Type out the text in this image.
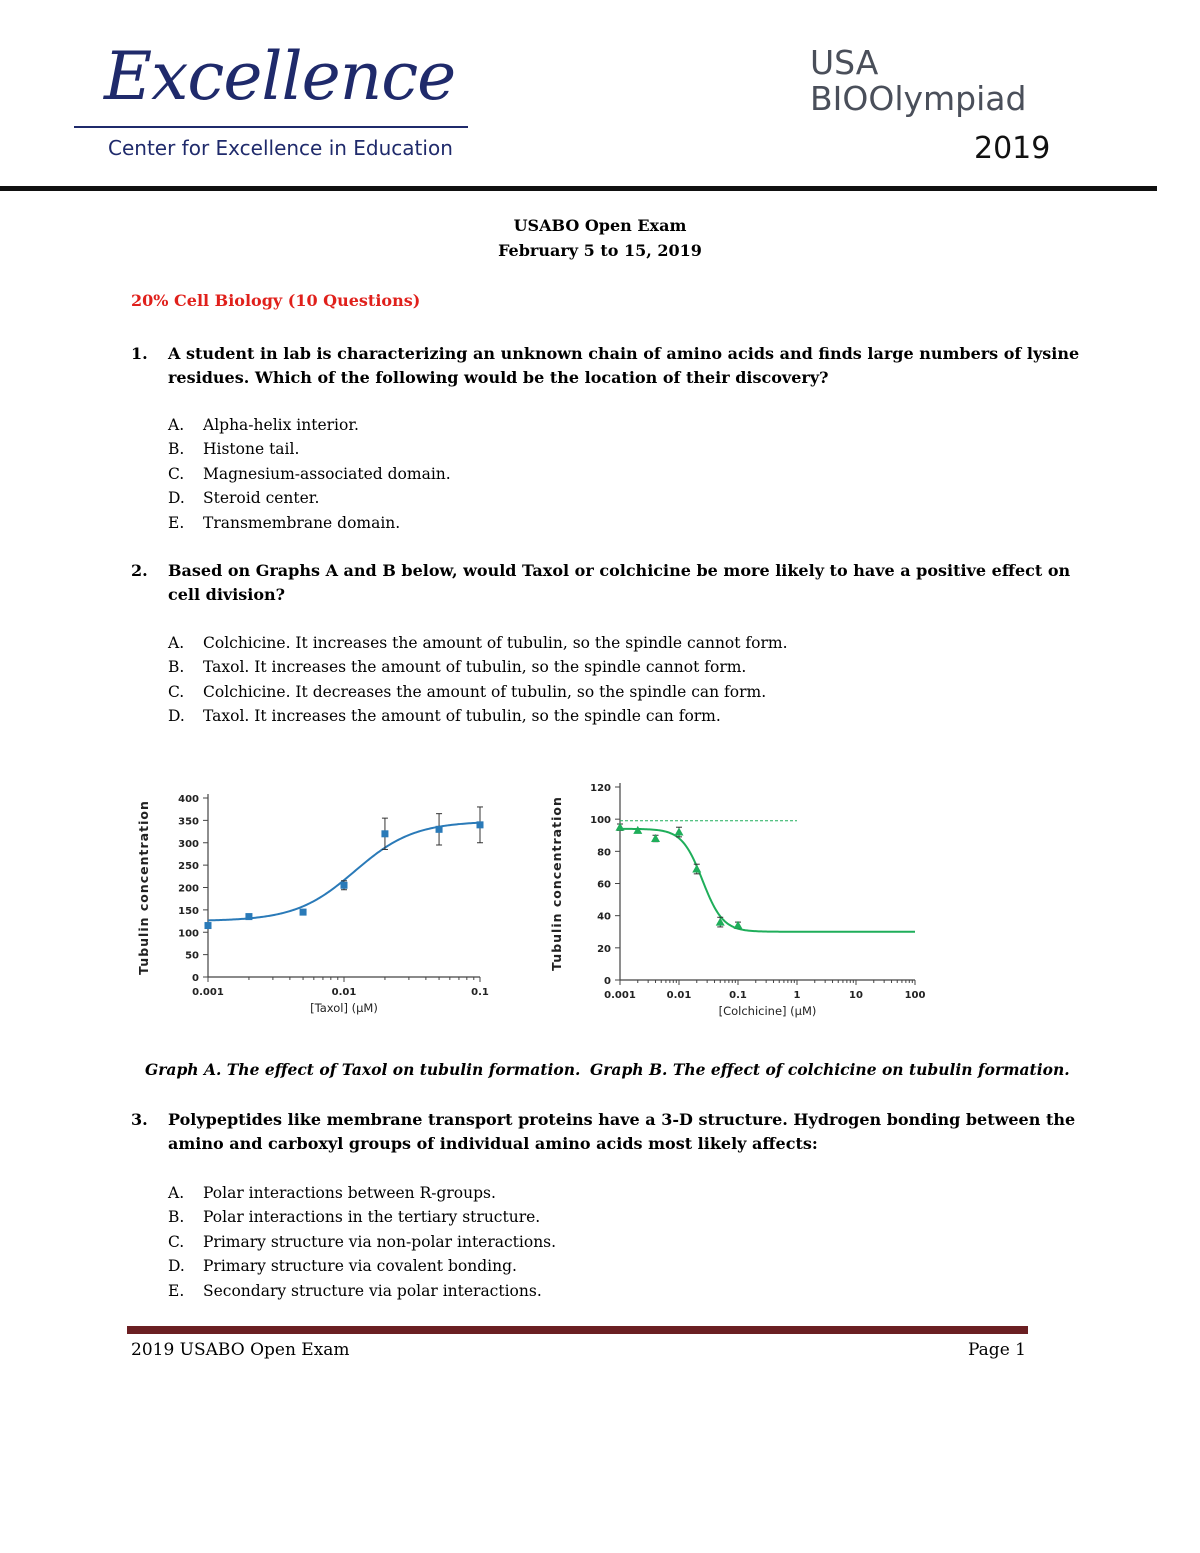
Excellence
Center for Excellence in Education
USA
BIOOlympiad
2019
USABO Open Exam
February 5 to 15, 2019
20% Cell Biology (10 Questions)
1. A student in lab is characterizing an unknown chain of amino acids and finds large numbers of lysine
residues. Which of the following would be the location of their discovery?
A. Alpha-helix interior.
B. Histone tail.
C. Magnesium-associated domain.
D. Steroid center.
E. Transmembrane domain.
2. Based on Graphs A and B below, would Taxol or colchicine be more likely to have a positive effect on
cell division?
A. Colchicine. It increases the amount of tubulin, so the spindle cannot form.
B. Taxol. It increases the amount of tubulin, so the spindle cannot form.
C. Colchicine. It decreases the amount of tubulin, so the spindle can form.
D. Taxol. It increases the amount of tubulin, so the spindle can form.
0
50
100
150
200
250
300
350
400
0.001	0.01	0.1
[Taxol] (μM)
Tubulin concentration
0
20
40
60
80
100
120
0.001	0.01	0.1	1	10	100
[Colchicine] (μM)
Tubulin concentration
Graph A. The effect of Taxol on tubulin formation. Graph B. The effect of colchicine on tubulin formation.
3. Polypeptides like membrane transport proteins have a 3-D structure. Hydrogen bonding between the
amino and carboxyl groups of individual amino acids most likely affects:
A. Polar interactions between R-groups.
B. Polar interactions in the tertiary structure.
C. Primary structure via non-polar interactions.
D. Primary structure via covalent bonding.
E. Secondary structure via polar interactions.
2019 USABO Open Exam	Page 1
